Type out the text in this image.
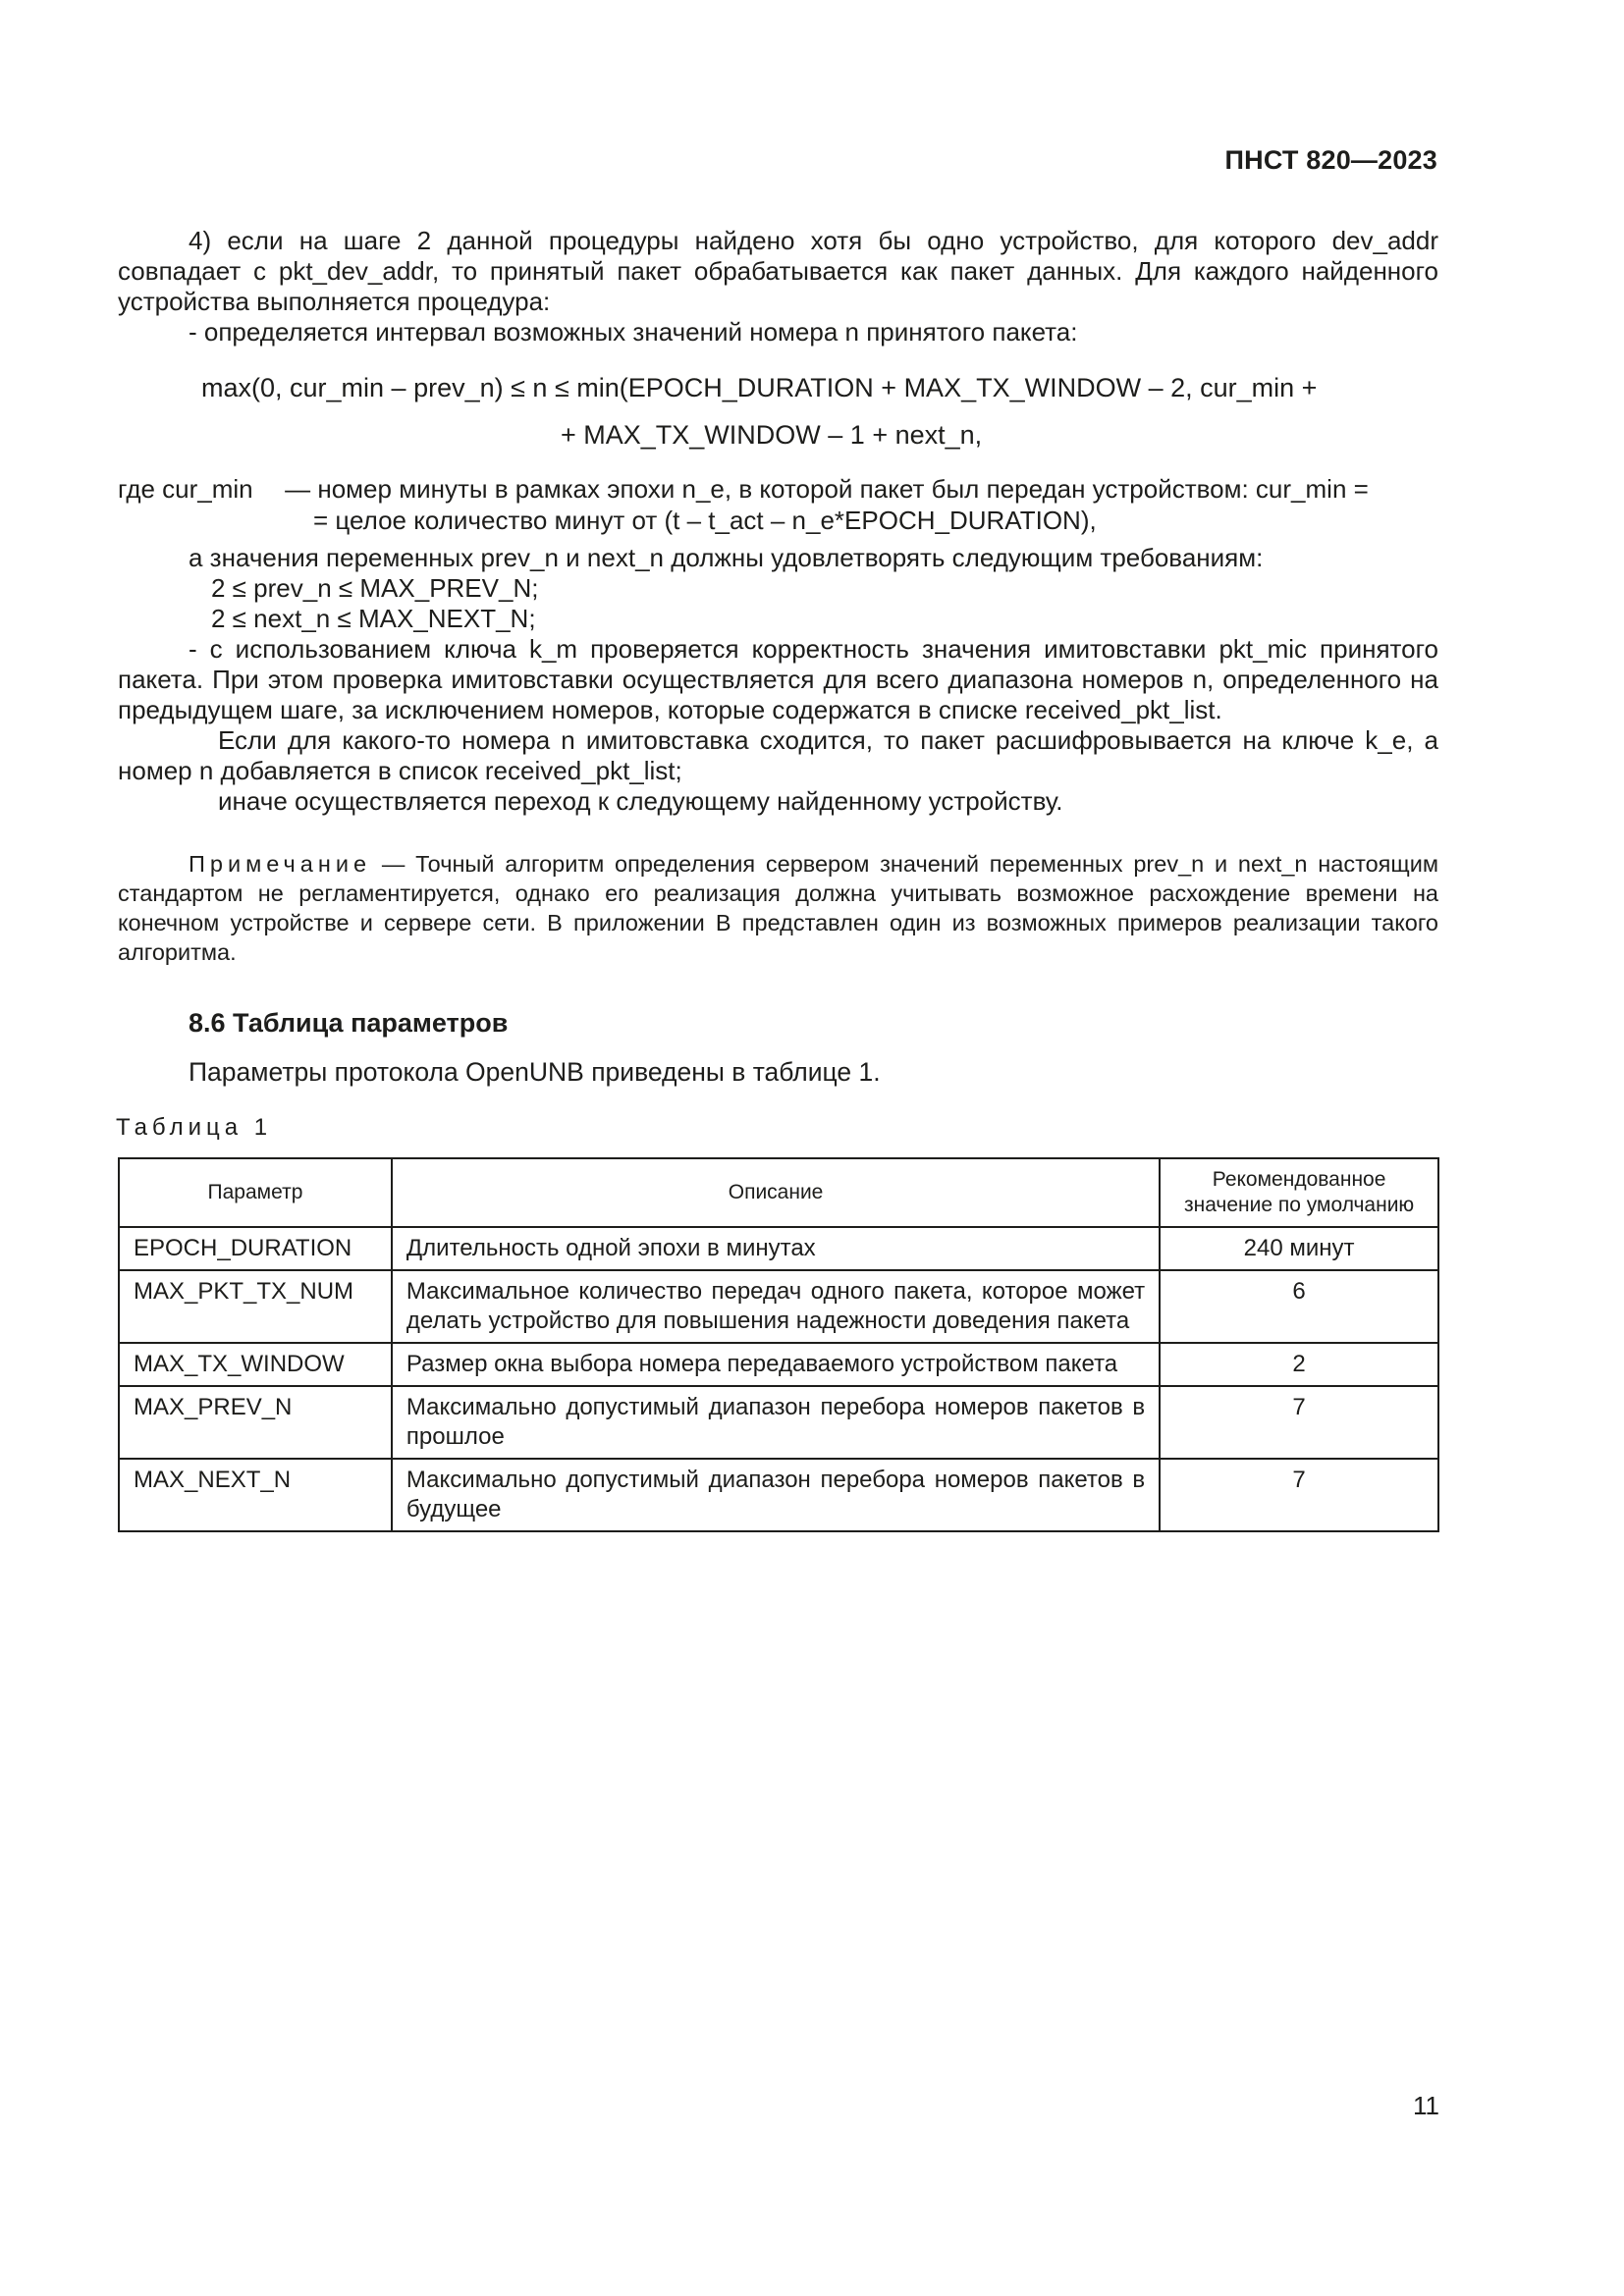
ПНСТ 820—2023

4) если на шаге 2 данной процедуры найдено хотя бы одно устройство, для которого dev_addr совпадает с pkt_dev_addr, то принятый пакет обрабатывается как пакет данных. Для каждого найденного устройства выполняется процедура:

- определяется интервал возможных значений номера n принятого пакета:

max(0, cur_min – prev_n) ≤ n ≤ min(EPOCH_DURATION + MAX_TX_WINDOW – 2, cur_min +
+ MAX_TX_WINDOW – 1 + next_n,
где cur_min — номер минуты в рамках эпохи n_e, в которой пакет был передан устройством: cur_min =
= целое количество минут от (t – t_act – n_e*EPOCH_DURATION),

а значения переменных prev_n и next_n должны удовлетворять следующим требованиям:

2 ≤ prev_n ≤ MAX_PREV_N;

2 ≤ next_n ≤ MAX_NEXT_N;

- с использованием ключа k_m проверяется корректность значения имитовставки pkt_mic принятого пакета. При этом проверка имитовставки осуществляется для всего диапазона номеров n, определенного на предыдущем шаге, за исключением номеров, которые содержатся в списке received_pkt_list.

Если для какого-то номера n имитовставка сходится, то пакет расшифровывается на ключе k_e, а номер n добавляется в список received_pkt_list;

иначе осуществляется переход к следующему найденному устройству.

Примечание — Точный алгоритм определения сервером значений переменных prev_n и next_n настоящим стандартом не регламентируется, однако его реализация должна учитывать возможное расхождение времени на конечном устройстве и сервере сети. В приложении В представлен один из возможных примеров реализации такого алгоритма.

8.6 Таблица параметров
Параметры протокола OpenUNB приведены в таблице 1.
Таблица 1
Параметр	Описание	Рекомендованное значение по умолчанию
EPOCH_DURATION	Длительность одной эпохи в минутах	240 минут
MAX_PKT_TX_NUM	Максимальное количество передач одного пакета, которое может делать устройство для повышения надежности доведения пакета	6
MAX_TX_WINDOW	Размер окна выбора номера передаваемого устройством пакета	2
MAX_PREV_N	Максимально допустимый диапазон перебора номеров пакетов в прошлое	7
MAX_NEXT_N	Максимально допустимый диапазон перебора номеров пакетов в будущее	7
11
